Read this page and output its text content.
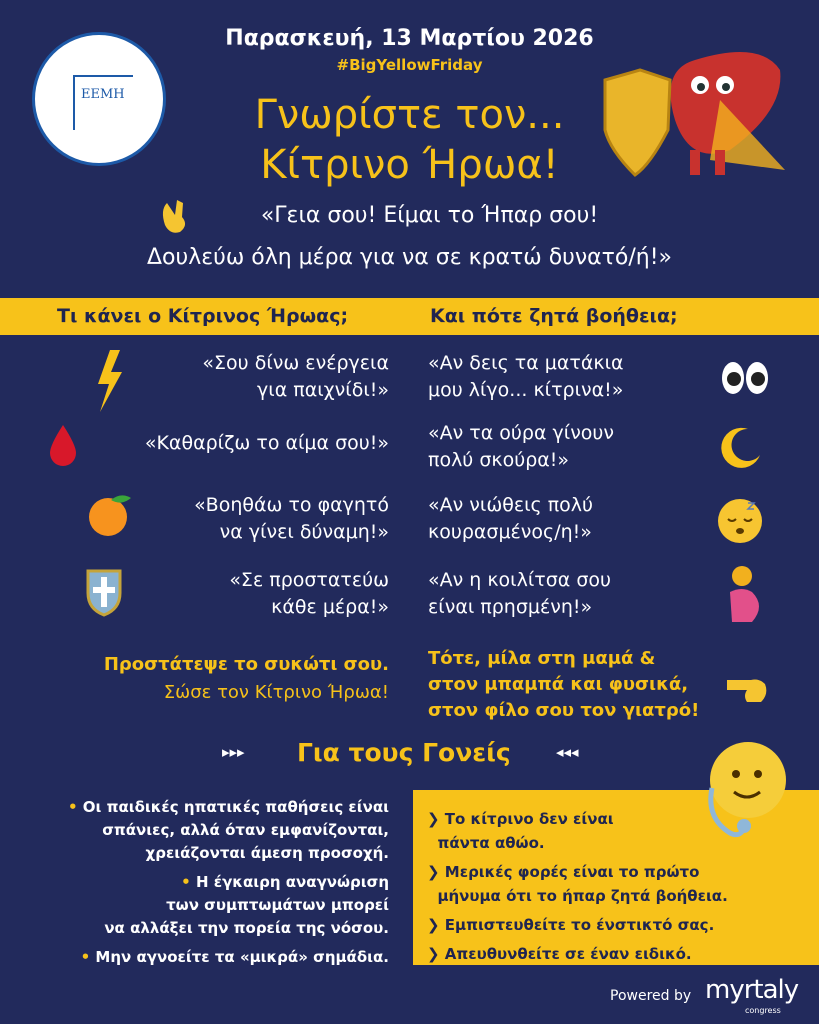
ΕΕΜΗ
Παρασκευή, 13 Μαρτίου 2026
#BigYellowFriday
Γνωρίστε τον...
Κίτρινο Ήρωα!
«Γεια σου! Είμαι το Ήπαρ σου!
Δουλεύω όλη μέρα για να σε κρατώ δυνατό/ή!»
Τι κάνει ο Κίτρινος Ήρωας;	Και πότε ζητά βοήθεια;
«Σου δίνω ενέργεια
για παιχνίδι!»
«Αν δεις τα ματάκια
μου λίγο... κίτρινα!»
«Καθαρίζω το αίμα σου!» «Αν τα ούρα γίνουν
πολύ σκούρα!»
«Βοηθάω το φαγητό
να γίνει δύναμη!»
«Αν νιώθεις πολύ
κουρασμένος/η!»
«Σε προστατεύω
κάθε μέρα!»
«Αν η κοιλίτσα σου
είναι πρησμένη!»
Προστάτεψε το συκώτι σου.
Σώσε τον Κίτρινο Ήρωα!
Τότε, μίλα στη μαμά &
στον μπαμπά και φυσικά,
στον φίλο σου τον γιατρό!
▸▸▸ Για τους Γονείς	◂◂◂
• Οι παιδικές ηπατικές παθήσεις είναι
σπάνιες, αλλά όταν εμφανίζονται,
χρειάζονται άμεση προσοχή.
• Η έγκαιρη αναγνώριση
των συμπτωμάτων μπορεί
να αλλάξει την πορεία της νόσου.
• Μην αγνοείτε τα «μικρά» σημάδια.

❯ Το κίτρινο δεν είναι
πάντα αθώο.

❯ Μερικές φορές είναι το πρώτο
μήνυμα ότι το ήπαρ ζητά βοήθεια.

❯ Εμπιστευθείτε το ένστικτό σας.

❯ Απευθυνθείτε σε έναν ειδικό.

Powered by myrtaly
congress
